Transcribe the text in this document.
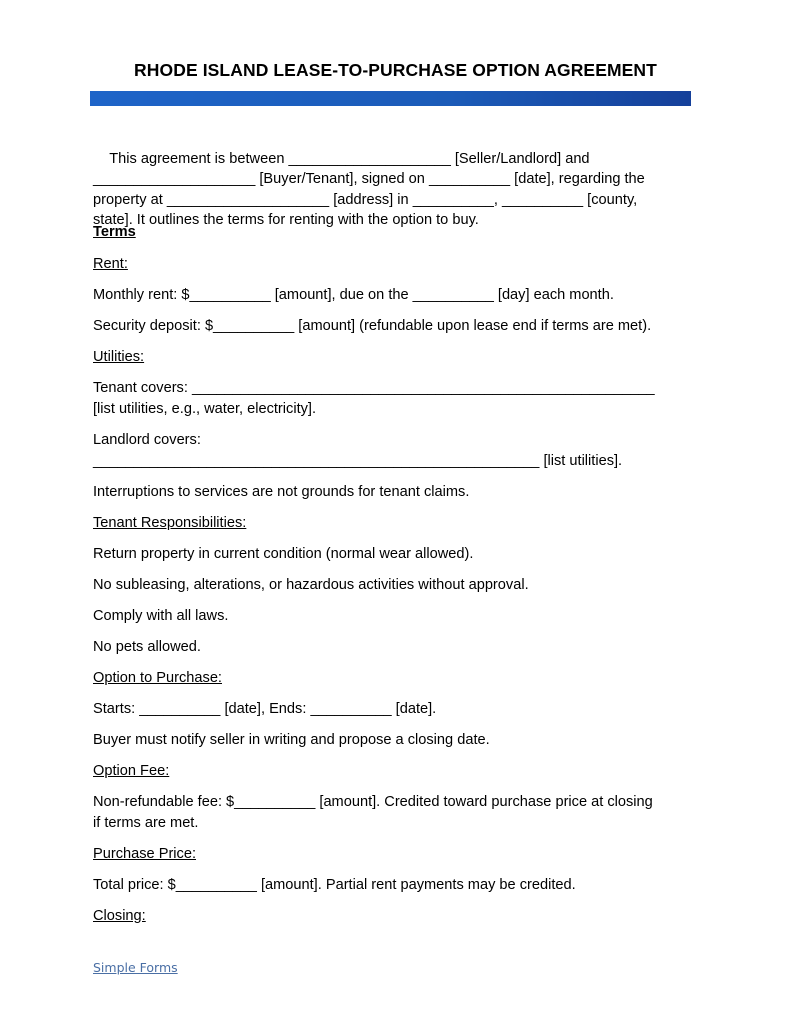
RHODE ISLAND LEASE-TO-PURCHASE OPTION AGREEMENT

This agreement is between ____________________ [Seller/Landlord] and
____________________ [Buyer/Tenant], signed on __________ [date], regarding the
property at ____________________ [address] in __________, __________ [county,
state]. It outlines the terms for renting with the option to buy.

Terms

Rent:

Monthly rent: $__________ [amount], due on the __________ [day] each month.

Security deposit: $__________ [amount] (refundable upon lease end if terms are met).

Utilities:

Tenant covers: _________________________________________________________
[list utilities, e.g., water, electricity].

Landlord covers:
_______________________________________________________ [list utilities].

Interruptions to services are not grounds for tenant claims.

Tenant Responsibilities:

Return property in current condition (normal wear allowed).

No subleasing, alterations, or hazardous activities without approval.

Comply with all laws.

No pets allowed.

Option to Purchase:

Starts: __________ [date], Ends: __________ [date].

Buyer must notify seller in writing and propose a closing date.

Option Fee:

Non-refundable fee: $__________ [amount]. Credited toward purchase price at closing
if terms are met.

Purchase Price:

Total price: $__________ [amount]. Partial rent payments may be credited.

Closing:

Simple Forms
